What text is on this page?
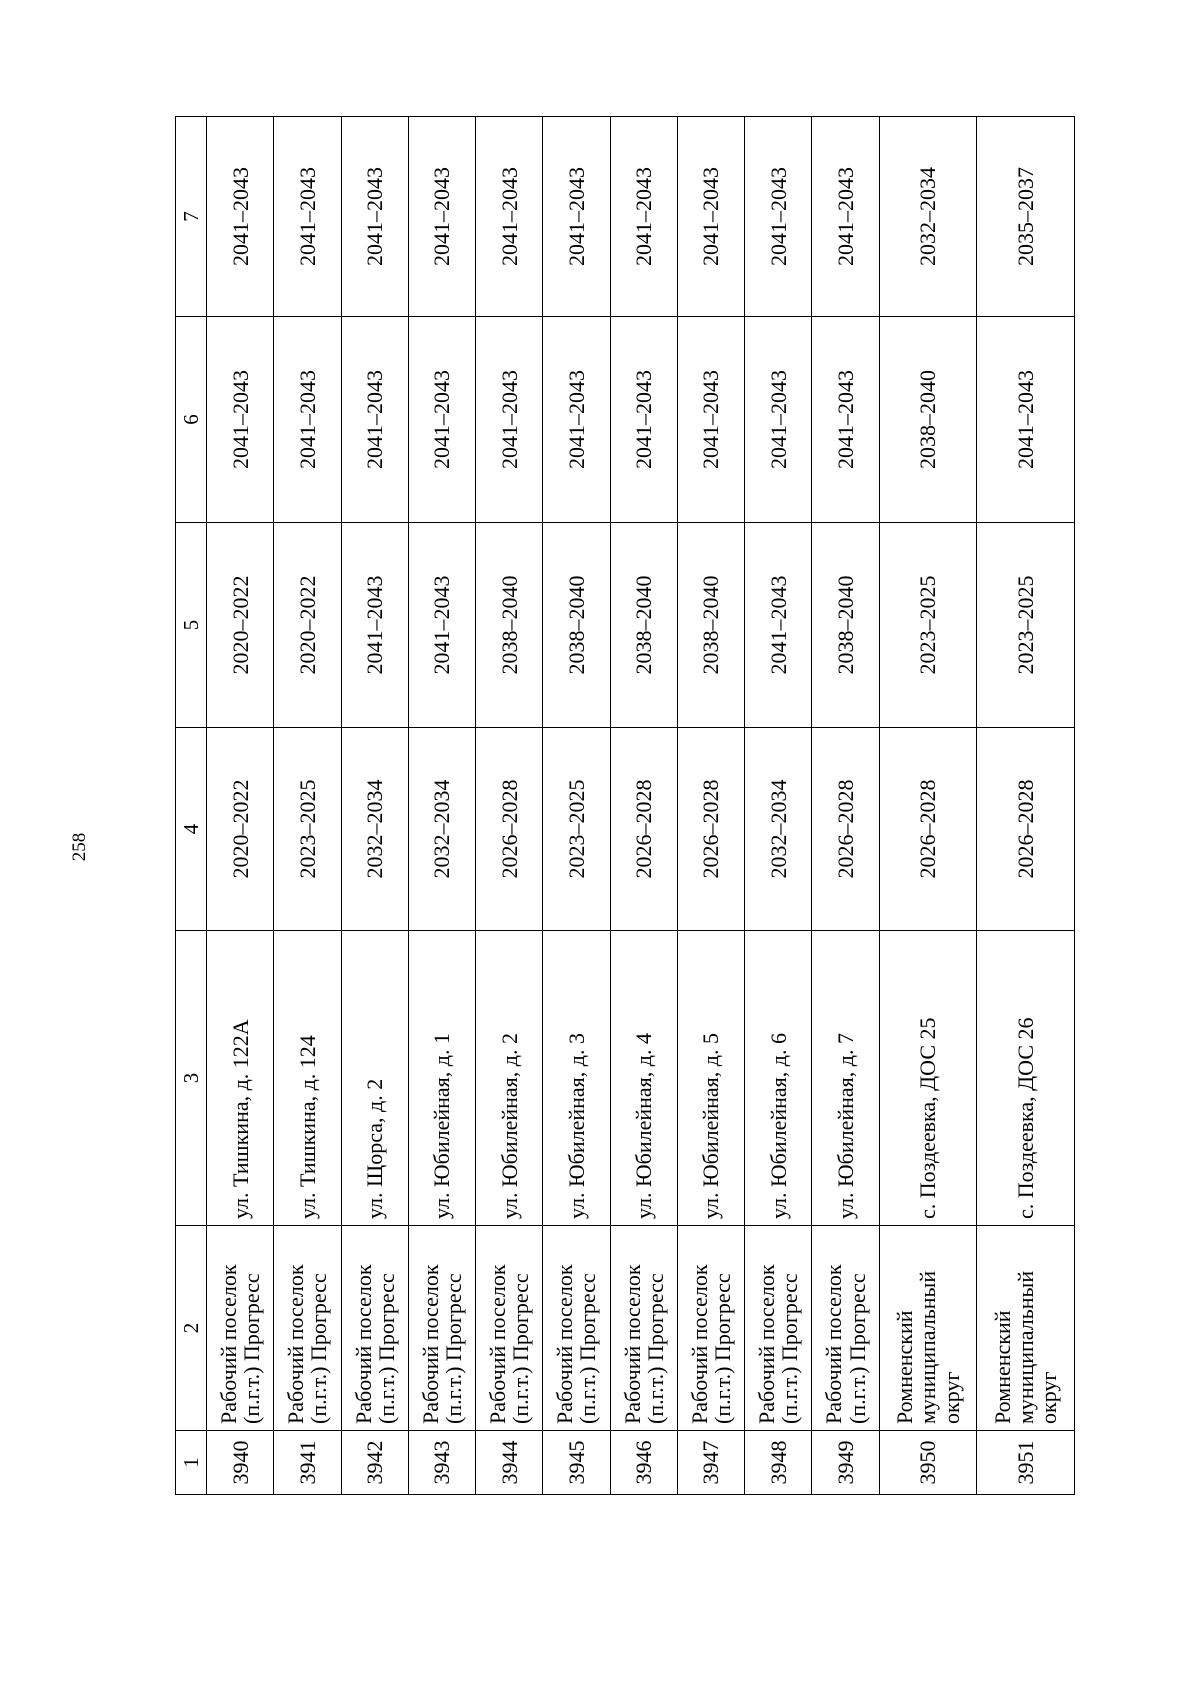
258
1	2	3	4	5	6	7
3940	Рабочий поселок (п.г.т.) Прогресс	ул. Тишкина, д. 122А	2020–2022	2020–2022	2041–2043	2041–2043
3941	Рабочий поселок (п.г.т.) Прогресс	ул. Тишкина, д. 124	2023–2025	2020–2022	2041–2043	2041–2043
3942	Рабочий поселок (п.г.т.) Прогресс	ул. Щорса, д. 2	2032–2034	2041–2043	2041–2043	2041–2043
3943	Рабочий поселок (п.г.т.) Прогресс	ул. Юбилейная, д. 1	2032–2034	2041–2043	2041–2043	2041–2043
3944	Рабочий поселок (п.г.т.) Прогресс	ул. Юбилейная, д. 2	2026–2028	2038–2040	2041–2043	2041–2043
3945	Рабочий поселок (п.г.т.) Прогресс	ул. Юбилейная, д. 3	2023–2025	2038–2040	2041–2043	2041–2043
3946	Рабочий поселок (п.г.т.) Прогресс	ул. Юбилейная, д. 4	2026–2028	2038–2040	2041–2043	2041–2043
3947	Рабочий поселок (п.г.т.) Прогресс	ул. Юбилейная, д. 5	2026–2028	2038–2040	2041–2043	2041–2043
3948	Рабочий поселок (п.г.т.) Прогресс	ул. Юбилейная, д. 6	2032–2034	2041–2043	2041–2043	2041–2043
3949	Рабочий поселок (п.г.т.) Прогресс	ул. Юбилейная, д. 7	2026–2028	2038–2040	2041–2043	2041–2043
3950	Ромненский муниципальный округ	с. Поздеевка, ДОС 25	2026–2028	2023–2025	2038–2040	2032–2034
3951	Ромненский муниципальный округ	с. Поздеевка, ДОС 26	2026–2028	2023–2025	2041–2043	2035–2037
